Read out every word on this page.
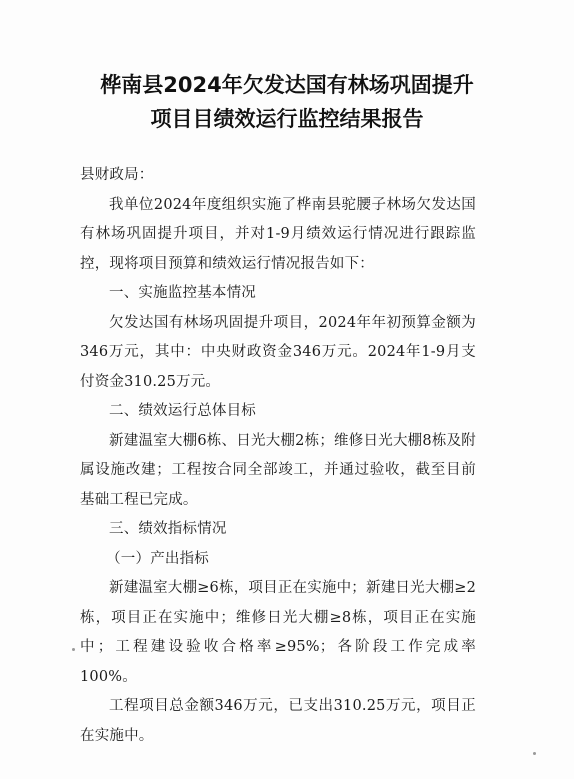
桦南县2024年欠发达国有林场巩固提升
项目目绩效运行监控结果报告

县财政局：

我单位2024年度组织实施了桦南县驼腰子林场欠发达国有林场巩固提升项目，并对1-9月绩效运行情况进行跟踪监控，现将项目预算和绩效运行情况报告如下：

一、实施监控基本情况

欠发达国有林场巩固提升项目，2024年年初预算金额为346万元，其中：中央财政资金346万元。2024年1-9月支付资金310.25万元。

二、绩效运行总体目标

新建温室大棚6栋、日光大棚2栋；维修日光大棚8栋及附属设施改建；工程按合同全部竣工，并通过验收，截至目前基础工程已完成。

三、绩效指标情况

（一）产出指标

新建温室大棚≥6栋，项目正在实施中；新建日光大棚≥2栋，项目正在实施中；维修日光大棚≥8栋，项目正在实施中；工程建设验收合格率≥95%；各阶段工作完成率100%。

工程项目总金额346万元，已支出310.25万元，项目正在实施中。
